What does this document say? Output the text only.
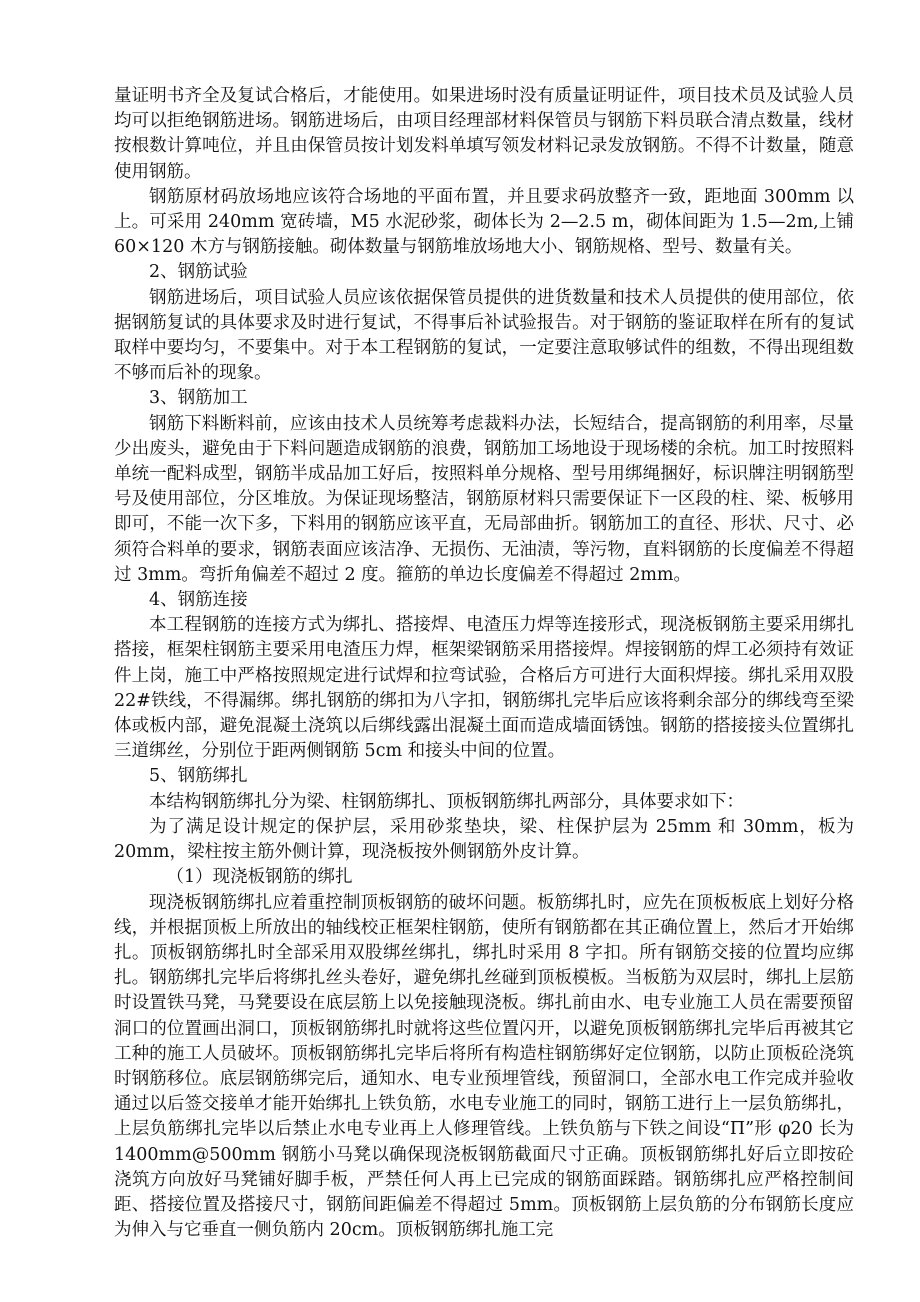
量证明书齐全及复试合格后，才能使用。如果进场时没有质量证明证件，项目技术员及试验人员均可以拒绝钢筋进场。钢筋进场后，由项目经理部材料保管员与钢筋下料员联合清点数量，线材按根数计算吨位，并且由保管员按计划发料单填写领发材料记录发放钢筋。不得不计数量，随意使用钢筋。

钢筋原材码放场地应该符合场地的平面布置，并且要求码放整齐一致，距地面 300mm 以上。可采用 240mm 宽砖墙，M5 水泥砂浆，砌体长为 2—2.5 m，砌体间距为 1.5—2m,上铺 60×120 木方与钢筋接触。砌体数量与钢筋堆放场地大小、钢筋规格、型号、数量有关。

2、钢筋试验

钢筋进场后，项目试验人员应该依据保管员提供的进货数量和技术人员提供的使用部位，依据钢筋复试的具体要求及时进行复试，不得事后补试验报告。对于钢筋的鉴证取样在所有的复试取样中要均匀，不要集中。对于本工程钢筋的复试，一定要注意取够试件的组数，不得出现组数不够而后补的现象。

3、钢筋加工

钢筋下料断料前，应该由技术人员统筹考虑裁料办法，长短结合，提高钢筋的利用率，尽量少出废头，避免由于下料问题造成钢筋的浪费，钢筋加工场地设于现场楼的余杭。加工时按照料单统一配料成型，钢筋半成品加工好后，按照料单分规格、型号用绑绳捆好，标识牌注明钢筋型号及使用部位，分区堆放。为保证现场整洁，钢筋原材料只需要保证下一区段的柱、梁、板够用即可，不能一次下多，下料用的钢筋应该平直，无局部曲折。钢筋加工的直径、形状、尺寸、必须符合料单的要求，钢筋表面应该洁净、无损伤、无油渍，等污物，直料钢筋的长度偏差不得超过 3mm。弯折角偏差不超过 2 度。箍筋的单边长度偏差不得超过 2mm。

4、钢筋连接

本工程钢筋的连接方式为绑扎、搭接焊、电渣压力焊等连接形式，现浇板钢筋主要采用绑扎搭接，框架柱钢筋主要采用电渣压力焊，框架梁钢筋采用搭接焊。焊接钢筋的焊工必须持有效证件上岗，施工中严格按照规定进行试焊和拉弯试验，合格后方可进行大面积焊接。绑扎采用双股 22#铁线，不得漏绑。绑扎钢筋的绑扣为八字扣，钢筋绑扎完毕后应该将剩余部分的绑线弯至梁体或板内部，避免混凝土浇筑以后绑线露出混凝土面而造成墙面锈蚀。钢筋的搭接接头位置绑扎三道绑丝，分别位于距两侧钢筋 5cm 和接头中间的位置。

5、钢筋绑扎

本结构钢筋绑扎分为梁、柱钢筋绑扎、顶板钢筋绑扎两部分，具体要求如下：

为了满足设计规定的保护层，采用砂浆垫块，梁、柱保护层为 25mm 和 30mm，板为 20mm，梁柱按主筋外侧计算，现浇板按外侧钢筋外皮计算。

（1）现浇板钢筋的绑扎

现浇板钢筋绑扎应着重控制顶板钢筋的破坏问题。板筋绑扎时，应先在顶板板底上划好分格线，并根据顶板上所放出的轴线校正框架柱钢筋，使所有钢筋都在其正确位置上，然后才开始绑扎。顶板钢筋绑扎时全部采用双股绑丝绑扎，绑扎时采用 8 字扣。所有钢筋交接的位置均应绑扎。钢筋绑扎完毕后将绑扎丝头卷好，避免绑扎丝碰到顶板模板。当板筋为双层时，绑扎上层筋时设置铁马凳，马凳要设在底层筋上以免接触现浇板。绑扎前由水、电专业施工人员在需要预留洞口的位置画出洞口，顶板钢筋绑扎时就将这些位置闪开，以避免顶板钢筋绑扎完毕后再被其它工种的施工人员破坏。顶板钢筋绑扎完毕后将所有构造柱钢筋绑好定位钢筋，以防止顶板砼浇筑时钢筋移位。底层钢筋绑完后，通知水、电专业预埋管线，预留洞口，全部水电工作完成并验收通过以后签交接单才能开始绑扎上铁负筋，水电专业施工的同时，钢筋工进行上一层负筋绑扎，上层负筋绑扎完毕以后禁止水电专业再上人修理管线。上铁负筋与下铁之间设“Π”形 φ20 长为 1400mm@500mm 钢筋小马凳以确保现浇板钢筋截面尺寸正确。顶板钢筋绑扎好后立即按砼浇筑方向放好马凳铺好脚手板，严禁任何人再上已完成的钢筋面踩踏。钢筋绑扎应严格控制间距、搭接位置及搭接尺寸，钢筋间距偏差不得超过 5mm。顶板钢筋上层负筋的分布钢筋长度应为伸入与它垂直一侧负筋内 20cm。顶板钢筋绑扎施工完
